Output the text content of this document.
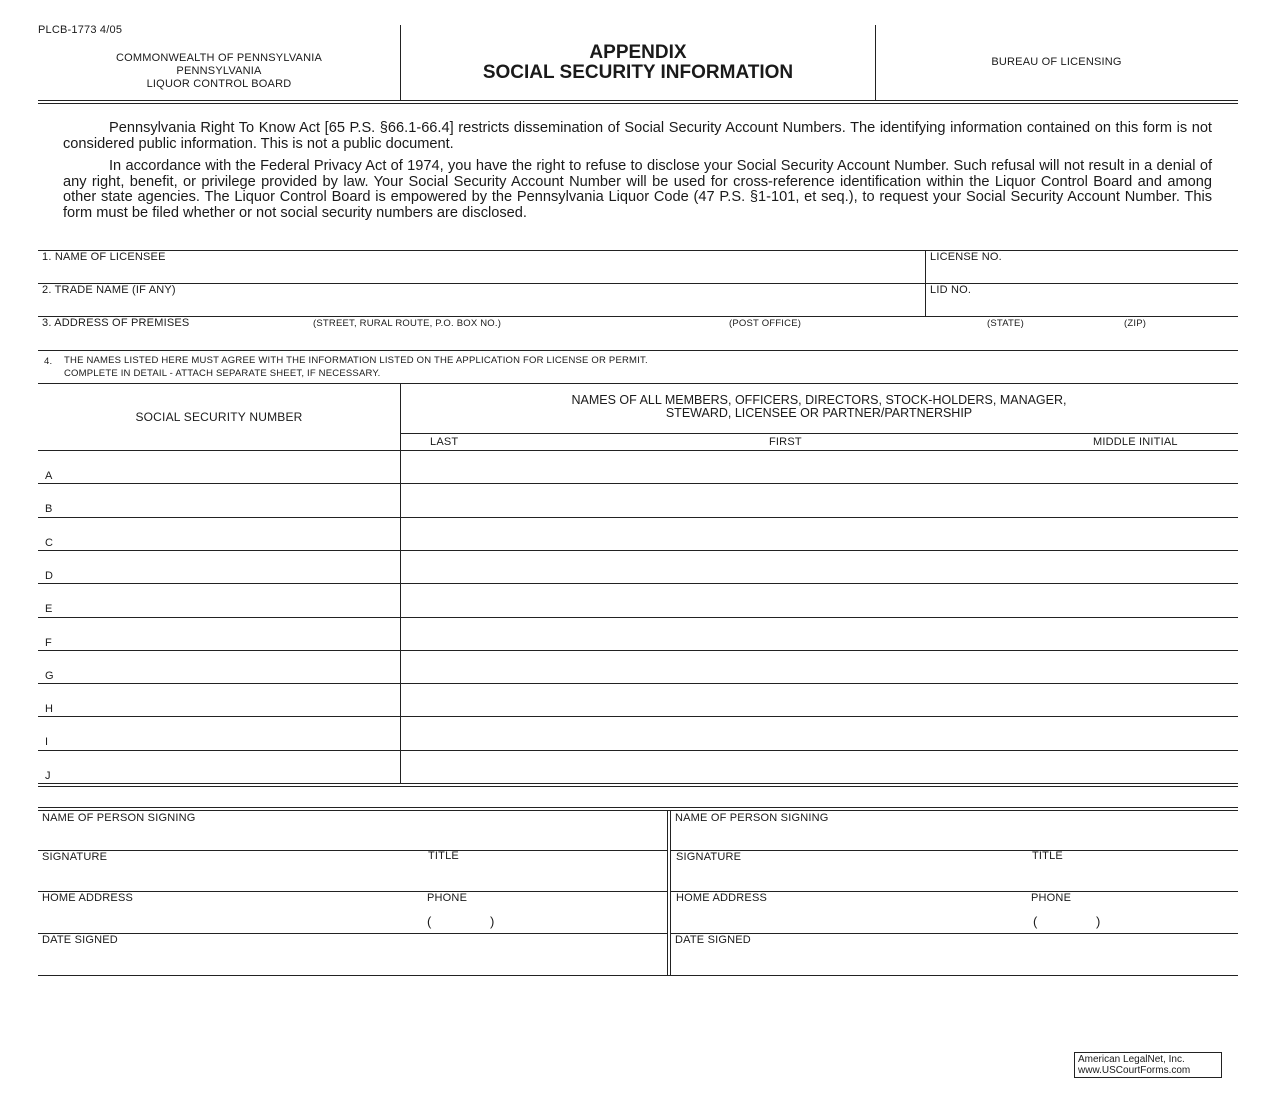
PLCB-1773 4/05
COMMONWEALTH OF PENNSYLVANIA
PENNSYLVANIA
LIQUOR CONTROL BOARD
APPENDIX
SOCIAL SECURITY INFORMATION	BUREAU OF LICENSING
Pennsylvania Right To Know Act [65 P.S. §66.1-66.4] restricts dissemination of Social Security Account Numbers. The identifying information contained on this form is not considered public information. This is not a public document.
In accordance with the Federal Privacy Act of 1974, you have the right to refuse to disclose your Social Security Account Number. Such refusal will not result in a denial of any right, benefit, or privilege provided by law. Your Social Security Account Number will be used for cross-reference identification within the Liquor Control Board and among other state agencies. The Liquor Control Board is empowered by the Pennsylvania Liquor Code (47 P.S. §1-101, et seq.), to request your Social Security Account Number. This form must be filed whether or not social security numbers are disclosed.
1. NAME OF LICENSEE	LICENSE NO.
2. TRADE NAME (IF ANY)	LID NO.
3. ADDRESS OF PREMISES	(STREET, RURAL ROUTE, P.O. BOX NO.)	(POST OFFICE)	(STATE)	(ZIP)
4. THE NAMES LISTED HERE MUST AGREE WITH THE INFORMATION LISTED ON THE APPLICATION FOR LICENSE OR PERMIT.
COMPLETE IN DETAIL - ATTACH SEPARATE SHEET, IF NECESSARY.
SOCIAL SECURITY NUMBER
NAMES OF ALL MEMBERS, OFFICERS, DIRECTORS, STOCK-HOLDERS, MANAGER,
STEWARD, LICENSEE OR PARTNER/PARTNERSHIP
LAST	FIRST	MIDDLE INITIAL
A
B
C
D
E
F
G
H
I
J
NAME OF PERSON SIGNING
SIGNATURE	TITLE
HOME ADDRESS	PHONE
(	)
DATE SIGNED
NAME OF PERSON SIGNING
SIGNATURE	TITLE
HOME ADDRESS	PHONE
(	)
DATE SIGNED
American LegalNet, Inc.
www.USCourtForms.com
